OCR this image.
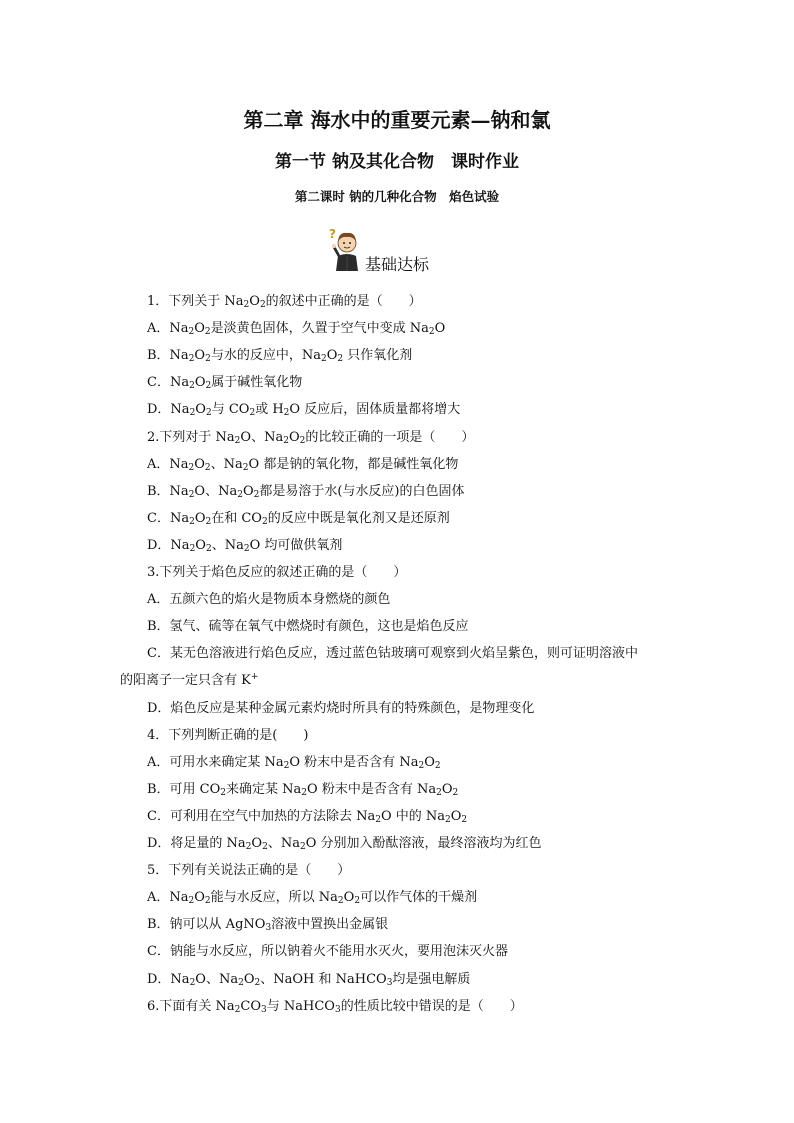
第二章 海水中的重要元素—钠和氯
第一节 钠及其化合物　课时作业
第二课时 钠的几种化合物　焰色试验
?
基础达标
1．下列关于 $Na_2O_2$的叙述中正确的是（　　）
A．$Na_2O_2$是淡黄色固体，久置于空气中变成 $Na_2O$
B．$Na_2O_2$与水的反应中，$Na_2O_2$ 只作氧化剂
C．$Na_2O_2$属于碱性氧化物
D．$Na_2O_2$与 $CO_2$或 $H_2O$ 反应后，固体质量都将增大
2.下列对于 $Na_2O$、$Na_2O_2$的比较正确的一项是（　　）
A．$Na_2O_2$、$Na_2O$ 都是钠的氧化物，都是碱性氧化物
B．$Na_2O$、$Na_2O_2$都是易溶于水(与水反应)的白色固体
C．$Na_2O_2$在和 $CO_2$的反应中既是氧化剂又是还原剂
D．$Na_2O_2$、$Na_2O$ 均可做供氧剂
3.下列关于焰色反应的叙述正确的是（　　）
A．五颜六色的焰火是物质本身燃烧的颜色
B．氢气、硫等在氧气中燃烧时有颜色，这也是焰色反应
C．某无色溶液进行焰色反应，透过蓝色钴玻璃可观察到火焰呈紫色，则可证明溶液中
的阳离子一定只含有 K+
D．焰色反应是某种金属元素灼烧时所具有的特殊颜色，是物理变化
4．下列判断正确的是(　　)
A．可用水来确定某 $Na_2O$ 粉末中是否含有 $Na_2O_2$
B．可用 $CO_2$来确定某 $Na_2O$ 粉末中是否含有 $Na_2O_2$
C．可利用在空气中加热的方法除去 $Na_2O$ 中的 $Na_2O_2$
D．将足量的 $Na_2O_2$、$Na_2O$ 分别加入酚酞溶液，最终溶液均为红色
5．下列有关说法正确的是（　　）
A．$Na_2O_2$能与水反应，所以 $Na_2O_2$可以作气体的干燥剂
B．钠可以从 AgNO$_3$溶液中置换出金属银
C．钠能与水反应，所以钠着火不能用水灭火，要用泡沫灭火器
D．$Na_2O$、$Na_2O_2$、NaOH 和 NaHCO$_3$均是强电解质
6.下面有关 $Na_2CO_3$与 NaHCO$_3$的性质比较中错误的是（　　）
